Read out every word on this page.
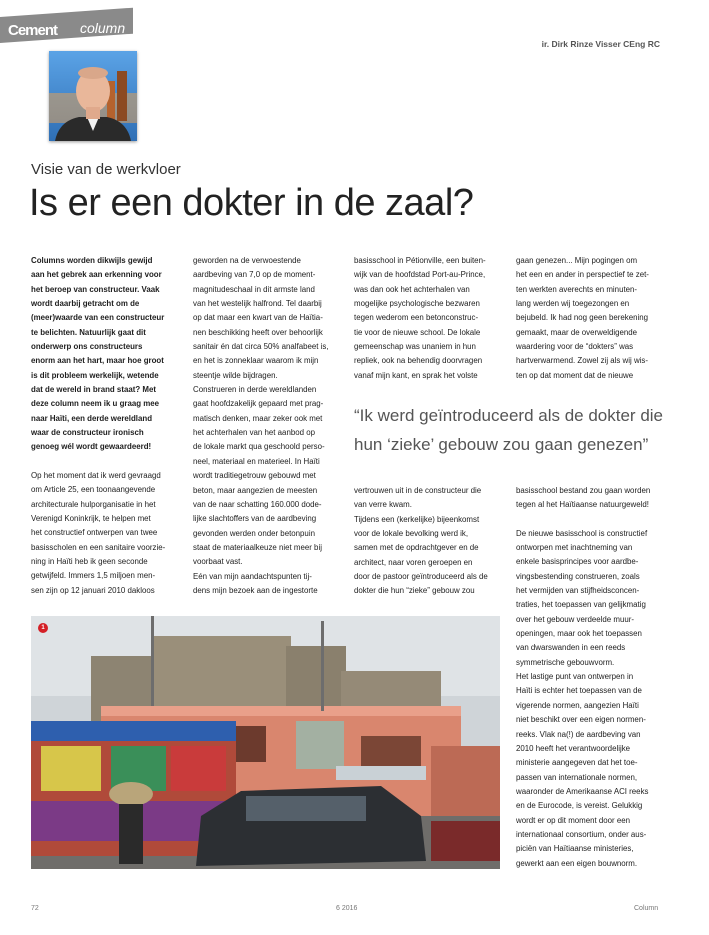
Cement column
ir. Dirk Rinze Visser CEng RC
Visie van de werkvloer
Is er een dokter in de zaal?

Columns worden dikwijls gewijd
aan het gebrek aan erkenning voor
het beroep van constructeur. Vaak
wordt daarbij getracht om de
(meer)waarde van een constructeur
te belichten. Natuurlijk gaat dit
onderwerp ons constructeurs
enorm aan het hart, maar hoe groot
is dit probleem werkelijk, wetende
dat de wereld in brand staat? Met
deze column neem ik u graag mee
naar Haïti, een derde wereldland
waar de constructeur ironisch
genoeg wél wordt gewaardeerd!

Op het moment dat ik werd gevraagd
om Article 25, een toonaangevende
architecturale hulporganisatie in het
Verenigd Koninkrijk, te helpen met
het constructief ontwerpen van twee
basisscholen en een sanitaire voorzie-
ning in Haïti heb ik geen seconde
getwijfeld. Immers 1,5 miljoen men-
sen zijn op 12 januari 2010 dakloos

geworden na de verwoestende
aardbeving van 7,0 op de moment-
magnitudeschaal in dit armste land
van het westelijk halfrond. Tel daarbij
op dat maar een kwart van de Haïtia-
nen beschikking heeft over behoorlijk
sanitair én dat circa 50% analfabeet is,
en het is zonneklaar waarom ik mijn
steentje wilde bijdragen.
Construeren in derde wereldlanden
gaat hoofdzakelijk gepaard met prag-
matisch denken, maar zeker ook met
het achterhalen van het aanbod op
de lokale markt qua geschoold perso-
neel, materiaal en materieel. In Haïti
wordt traditiegetrouw gebouwd met
beton, maar aangezien de meesten
van de naar schatting 160.000 dode-
lijke slachtoffers van de aardbeving
gevonden werden onder betonpuin
staat de materiaalkeuze niet meer bij
voorbaat vast.
Eén van mijn aandachtspunten tij-
dens mijn bezoek aan de ingestorte

basisschool in Pétionville, een buiten-
wijk van de hoofdstad Port-au-Prince,
was dan ook het achterhalen van
mogelijke psychologische bezwaren
tegen wederom een betonconstruc-
tie voor de nieuwe school. De lokale
gemeenschap was unaniem in hun
repliek, ook na behendig doorvragen
vanaf mijn kant, en sprak het volste

gaan genezen... Mijn pogingen om
het een en ander in perspectief te zet-
ten werkten averechts en minuten-
lang werden wij toegezongen en
bejubeld. Ik had nog geen berekening
gemaakt, maar de overweldigende
waardering voor de “dokters” was
hartverwarmend. Zowel zij als wij wis-
ten op dat moment dat de nieuwe

“Ik werd geïntroduceerd als de dokter die hun ‘zieke’ gebouw zou gaan genezen”

vertrouwen uit in de constructeur die
van verre kwam.
Tijdens een (kerkelijke) bijeenkomst
voor de lokale bevolking werd ik,
samen met de opdrachtgever en de
architect, naar voren geroepen en
door de pastoor geïntroduceerd als de
dokter die hun “zieke” gebouw zou

basisschool bestand zou gaan worden
tegen al het Haïtiaanse natuurgeweld!

De nieuwe basisschool is constructief
ontworpen met inachtneming van
enkele basisprincipes voor aardbe-
vingsbestending construeren, zoals
het vermijden van stijfheidsconcen-
traties, het toepassen van gelijkmatig
over het gebouw verdeelde muur-
openingen, maar ook het toepassen
van dwarswanden in een reeds
symmetrische gebouwvorm.
Het lastige punt van ontwerpen in
Haïti is echter het toepassen van de
vigerende normen, aangezien Haïti
niet beschikt over een eigen normen-
reeks. Vlak na(!) de aardbeving van
2010 heeft het verantwoordelijke
ministerie aangegeven dat het toe-
passen van internationale normen,
waaronder de Amerikaanse ACI reeks
en de Eurocode, is vereist. Gelukkig
wordt er op dit moment door een
internationaal consortium, onder aus-
piciën van Haïtiaanse ministeries,
gewerkt aan een eigen bouwnorm.

1
72	6 2016	Column
